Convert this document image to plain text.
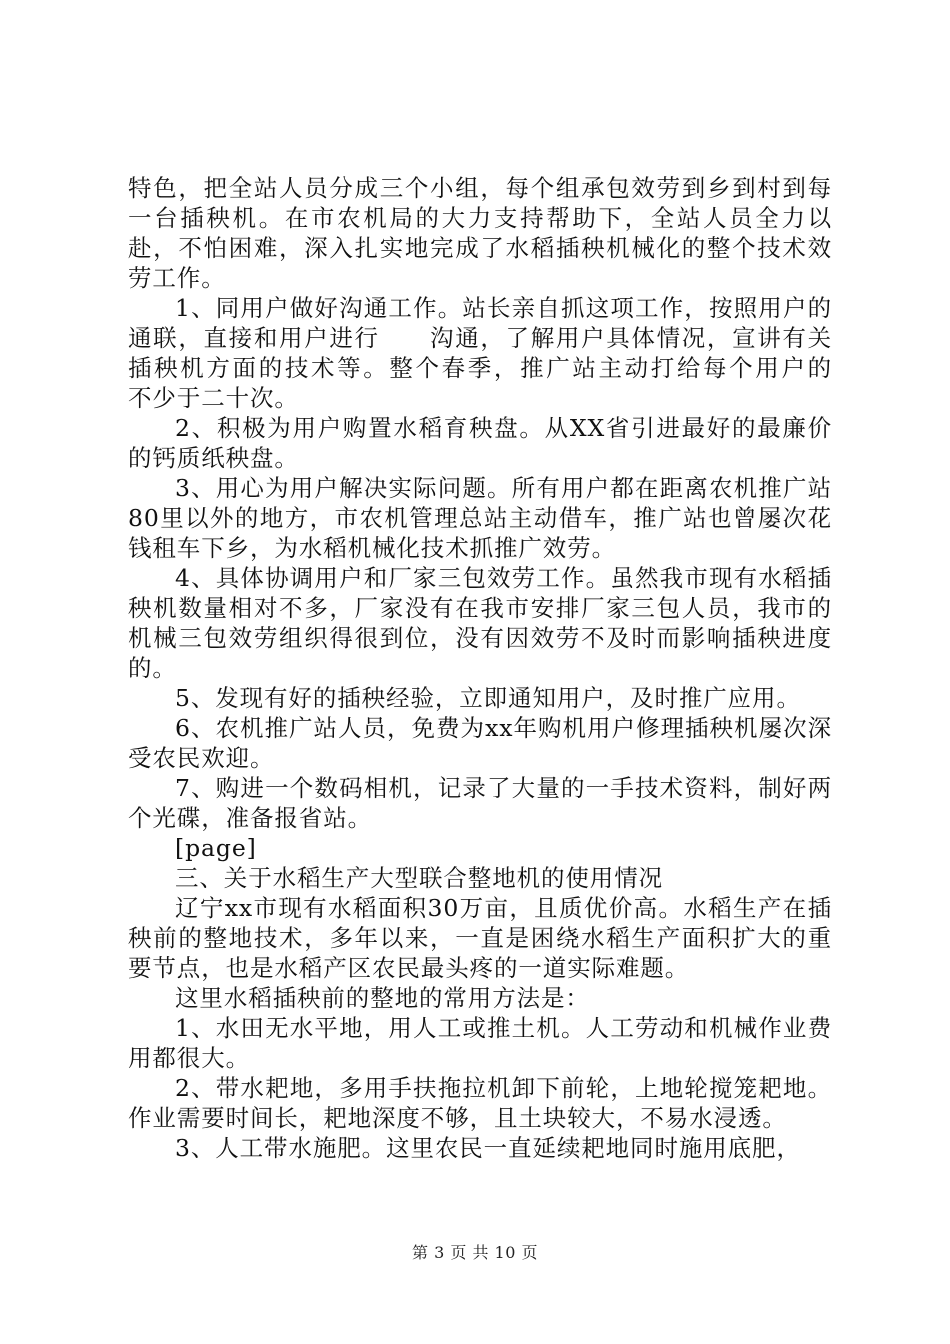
特色，把全站人员分成三个小组，每个组承包效劳到乡到村到每一台插秧机。在市农机局的大力支持帮助下，全站人员全力以赴，不怕困难，深入扎实地完成了水稻插秧机械化的整个技术效劳工作。

1、同用户做好沟通工作。站长亲自抓这项工作，按照用户的　　通联，直接和用户进行　　沟通，了解用户具体情况，宣讲有关插秧机方面的技术等。整个春季，推广站主动打给每个用户的　　不少于二十次。

2、积极为用户购置水稻育秧盘。从XX省引进最好的最廉价的钙质纸秧盘。

3、用心为用户解决实际问题。所有用户都在距离农机推广站80里以外的地方，市农机管理总站主动借车，推广站也曾屡次花钱租车下乡，为水稻机械化技术抓推广效劳。

4、具体协调用户和厂家三包效劳工作。虽然我市现有水稻插秧机数量相对不多，厂家没有在我市安排厂家三包人员，我市的机械三包效劳组织得很到位，没有因效劳不及时而影响插秧进度的。

5、发现有好的插秧经验，立即通知用户，及时推广应用。

6、农机推广站人员，免费为xx年购机用户修理插秧机屡次深受农民欢迎。

7、购进一个数码相机，记录了大量的一手技术资料，制好两个光碟，准备报省站。

[page]

三、关于水稻生产大型联合整地机的使用情况

辽宁xx市现有水稻面积30万亩，且质优价高。水稻生产在插秧前的整地技术，多年以来，一直是困绕水稻生产面积扩大的重要节点，也是水稻产区农民最头疼的一道实际难题。

这里水稻插秧前的整地的常用方法是：

1、水田无水平地，用人工或推土机。人工劳动和机械作业费用都很大。

2、带水耙地，多用手扶拖拉机卸下前轮，上地轮搅笼耙地。作业需要时间长，耙地深度不够，且土块较大，不易水浸透。

3、人工带水施肥。这里农民一直延续耙地同时施用底肥，

第 3 页 共 10 页
